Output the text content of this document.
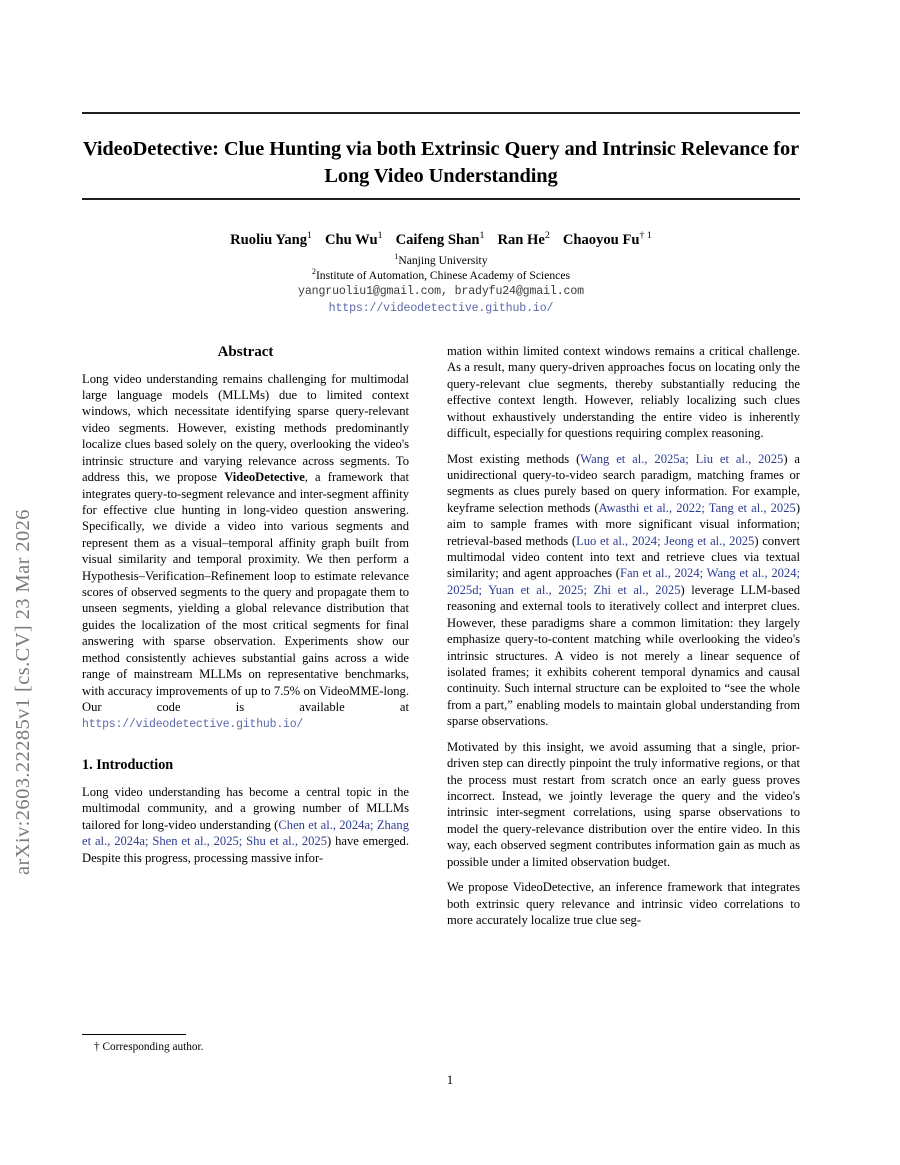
arXiv:2603.22285v1 [cs.CV] 23 Mar 2026
VideoDetective: Clue Hunting via both Extrinsic Query and Intrinsic Relevance for Long Video Understanding
Ruoliu Yang$^1$ Chu Wu$^1$ Caifeng Shan$^1$ Ran He$^2$ Chaoyou Fu$^{\dagger 1}$
$^1$Nanjing University
$^2$Institute of Automation, Chinese Academy of Sciences
yangruoliu1@gmail.com, bradyfu24@gmail.com
https://videodetective.github.io/
Abstract

Long video understanding remains challenging for multimodal large language models (MLLMs) due to limited context windows, which necessitate identifying sparse query-relevant video segments. However, existing methods predominantly localize clues based solely on the query, overlooking the video's intrinsic structure and varying relevance across segments. To address this, we propose VideoDetective, a framework that integrates query-to-segment relevance and inter-segment affinity for effective clue hunting in long-video question answering. Specifically, we divide a video into various segments and represent them as a visual–temporal affinity graph built from visual similarity and temporal proximity. We then perform a Hypothesis–Verification–Refinement loop to estimate relevance scores of observed segments to the query and propagate them to unseen segments, yielding a global relevance distribution that guides the localization of the most critical segments for final answering with sparse observation. Experiments show our method consistently achieves substantial gains across a wide range of mainstream MLLMs on representative benchmarks, with accuracy improvements of up to 7.5% on VideoMME-long. Our code is available at https://videodetective.github.io/

1. Introduction

Long video understanding has become a central topic in the multimodal community, and a growing number of MLLMs tailored for long-video understanding (Chen et al., 2024a; Zhang et al., 2024a; Shen et al., 2025; Shu et al., 2025) have emerged. Despite this progress, processing massive infor-

mation within limited context windows remains a critical challenge. As a result, many query-driven approaches focus on locating only the query-relevant clue segments, thereby substantially reducing the effective context length. However, reliably localizing such clues without exhaustively understanding the entire video is inherently difficult, especially for questions requiring complex reasoning.

Most existing methods (Wang et al., 2025a; Liu et al., 2025) a unidirectional query-to-video search paradigm, matching frames or segments as clues purely based on query information. For example, keyframe selection methods (Awasthi et al., 2022; Tang et al., 2025) aim to sample frames with more significant visual information; retrieval-based methods (Luo et al., 2024; Jeong et al., 2025) convert multimodal video content into text and retrieve clues via textual similarity; and agent approaches (Fan et al., 2024; Wang et al., 2024; 2025d; Yuan et al., 2025; Zhi et al., 2025) leverage LLM-based reasoning and external tools to iteratively collect and interpret clues. However, these paradigms share a common limitation: they largely emphasize query-to-content matching while overlooking the video's intrinsic structures. A video is not merely a linear sequence of isolated frames; it exhibits coherent temporal dynamics and causal continuity. Such internal structure can be exploited to “see the whole from a part,” enabling models to maintain global understanding from sparse observations.

Motivated by this insight, we avoid assuming that a single, prior-driven step can directly pinpoint the truly informative regions, or that the process must restart from scratch once an early guess proves incorrect. Instead, we jointly leverage the query and the video's intrinsic inter-segment correlations, using sparse observations to model the query-relevance distribution over the entire video. In this way, each observed segment contributes information gain as much as possible under a limited observation budget.

We propose VideoDetective, an inference framework that integrates both extrinsic query relevance and intrinsic video correlations to more accurately localize true clue seg-

† Corresponding author.
1
